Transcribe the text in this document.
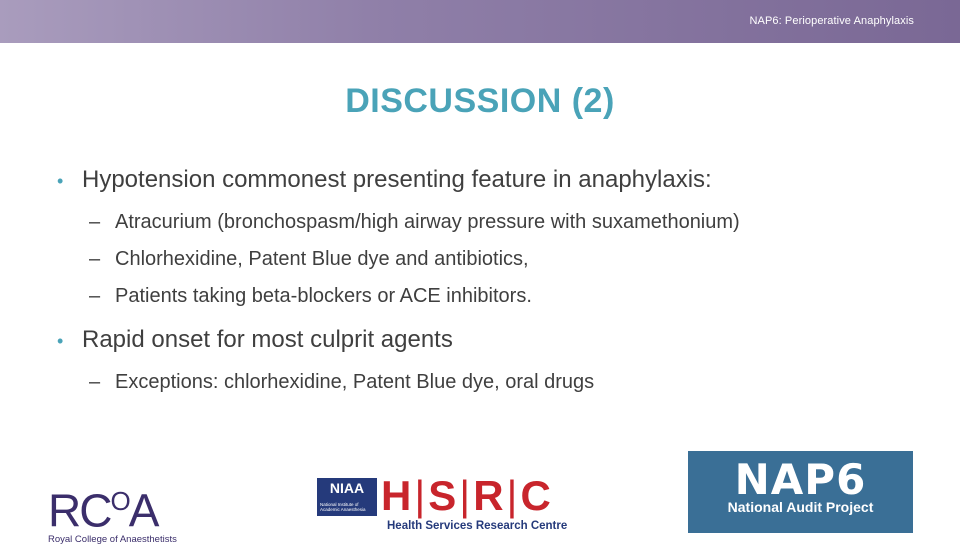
NAP6: Perioperative Anaphylaxis
DISCUSSION (2)
• Hypotension commonest presenting feature in anaphylaxis:
– Atracurium (bronchospasm/high airway pressure with suxamethonium)
– Chlorhexidine, Patent Blue dye and antibiotics,
– Patients taking beta-blockers or ACE inhibitors.
• Rapid onset for most culprit agents
– Exceptions: chlorhexidine, Patent Blue dye, oral drugs
$RC^OA$
Royal College of Anaesthetists
NIAA
National Institute of Academic Anaesthesia H|S|R|C
Health Services Research Centre
NAP6
National Audit Project
